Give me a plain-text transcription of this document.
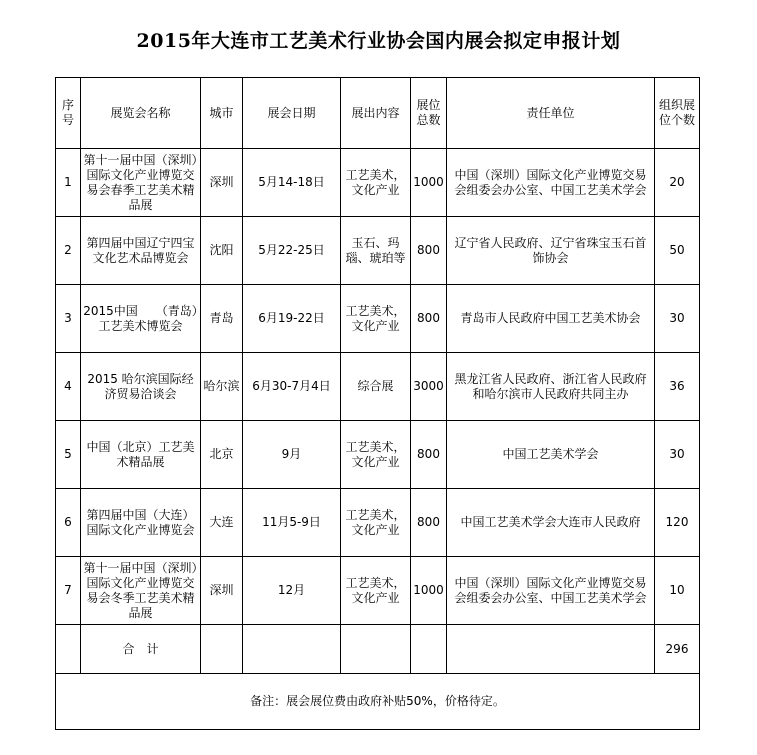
2015年大连市工艺美术行业协会国内展会拟定申报计划
序号	展览会名称	城市	展会日期	展出内容	展位总数	责任单位	组织展位个数
1	第十一届中国（深圳）国际文化产业博览交易会春季工艺美术精品展	深圳	5月14-18日	工艺美术，文化产业	1000	中国（深圳）国际文化产业博览交易会组委会办公室、中国工艺美术学会	20
2	第四届中国辽宁四宝文化艺术品博览会	沈阳	5月22-25日	玉石、玛瑙、琥珀等	800	辽宁省人民政府、辽宁省珠宝玉石首饰协会	50
3	2015中国　　（青岛）工艺美术博览会	青岛	6月19-22日	工艺美术，文化产业	800	青岛市人民政府中国工艺美术协会	30
4	2015 哈尔滨国际经济贸易洽谈会	哈尔滨	6月30-7月4日	综合展	3000	黑龙江省人民政府、浙江省人民政府和哈尔滨市人民政府共同主办	36
5	中国（北京）工艺美术精品展	北京	9月	工艺美术，文化产业	800	中国工艺美术学会	30
6	第四届中国（大连）国际文化产业博览会	大连	11月5-9日	工艺美术，文化产业	800	中国工艺美术学会大连市人民政府	120
7	第十一届中国（深圳）国际文化产业博览交易会冬季工艺美术精品展	深圳	12月	工艺美术，文化产业	1000	中国（深圳）国际文化产业博览交易会组委会办公室、中国工艺美术学会	10
	合　计						296
备注：展会展位费由政府补贴50%，价格待定。							
